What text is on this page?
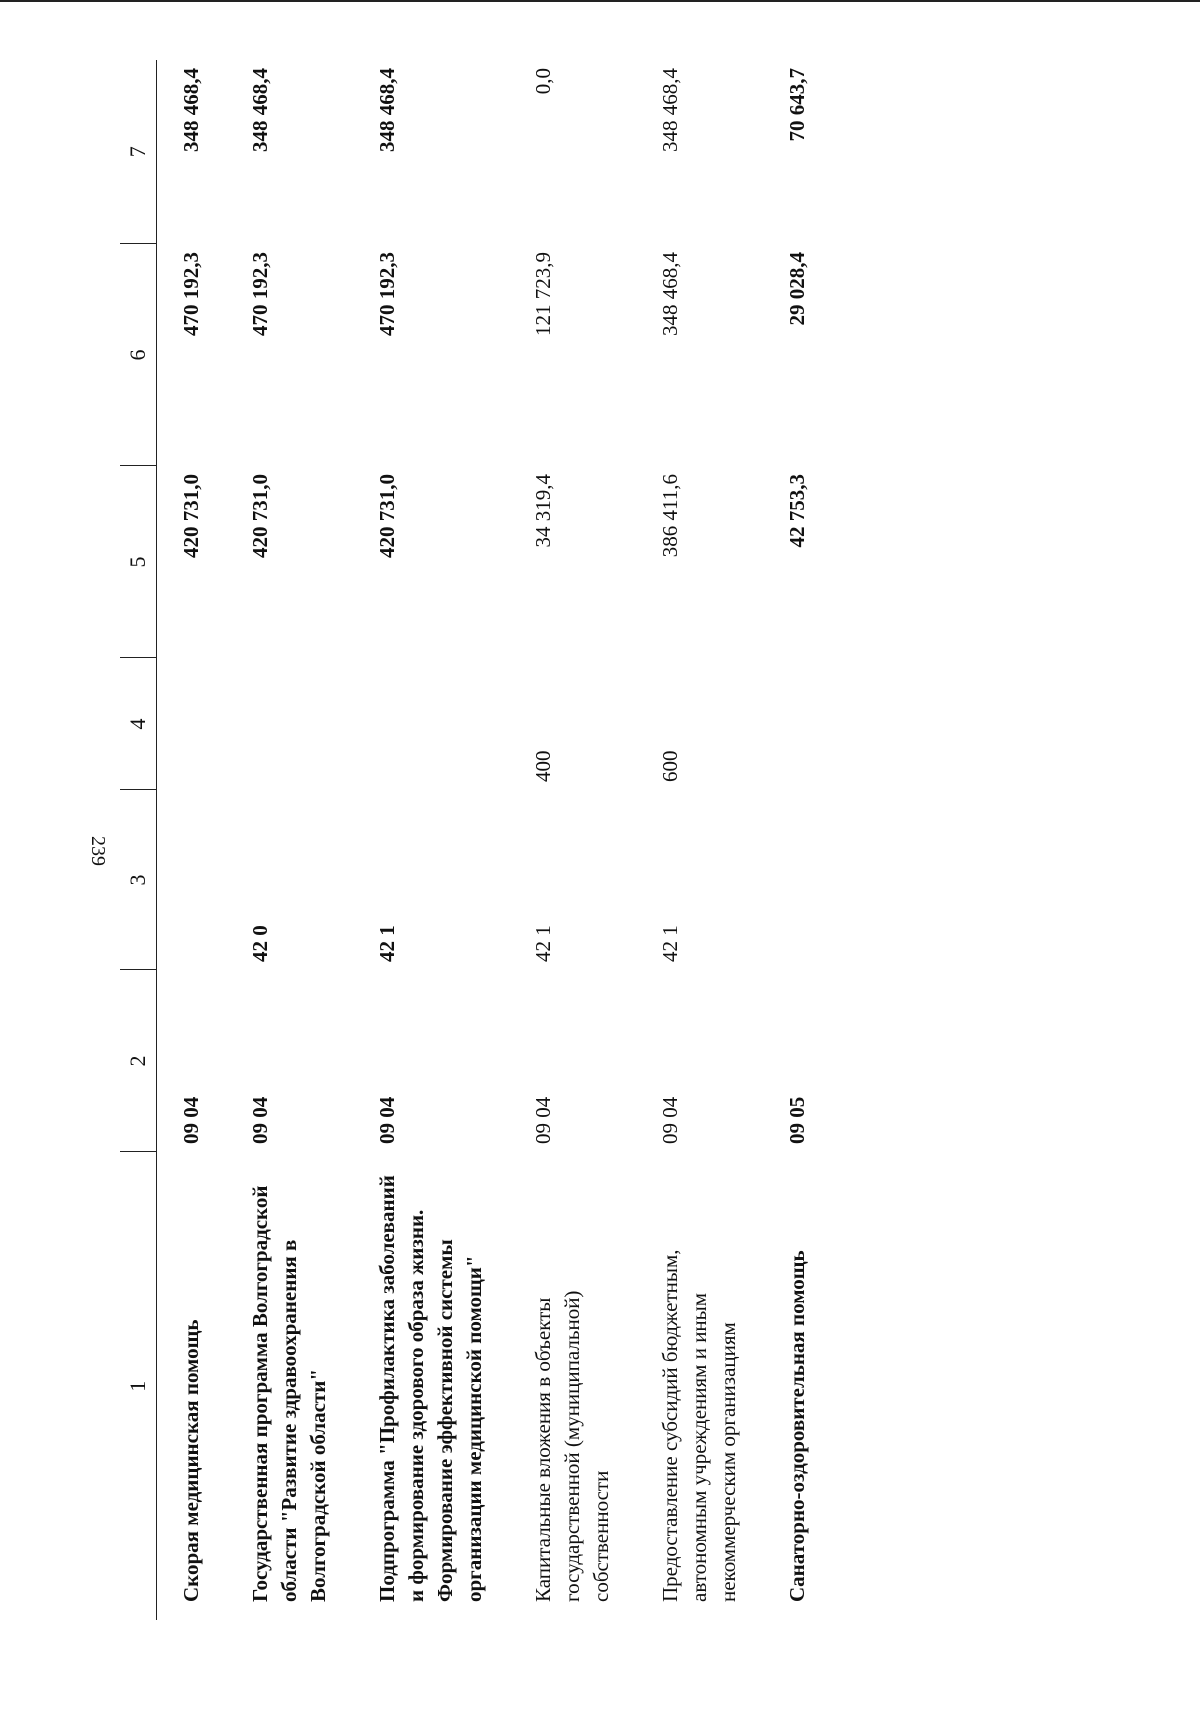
239
1	2	3	4	5	6	7
Скорая медицинская помощь	09 04			420 731,0	470 192,3	348 468,4
Государственная программа Волгоградской области "Развитие здравоохранения в Волгоградской области"	09 04	42 0		420 731,0	470 192,3	348 468,4
Подпрограмма "Профилактика заболеваний и формирование здорового образа жизни. Формирование эффективной системы организации медицинской помощи"	09 04	42 1		420 731,0	470 192,3	348 468,4
Капитальные вложения в объекты государственной (муниципальной) собственности	09 04	42 1	400	34 319,4	121 723,9	0,0
Предоставление субсидий бюджетным, автономным учреждениям и иным некоммерческим организациям	09 04	42 1	600	386 411,6	348 468,4	348 468,4
Санаторно-оздоровительная помощь	09 05			42 753,3	29 028,4	70 643,7
